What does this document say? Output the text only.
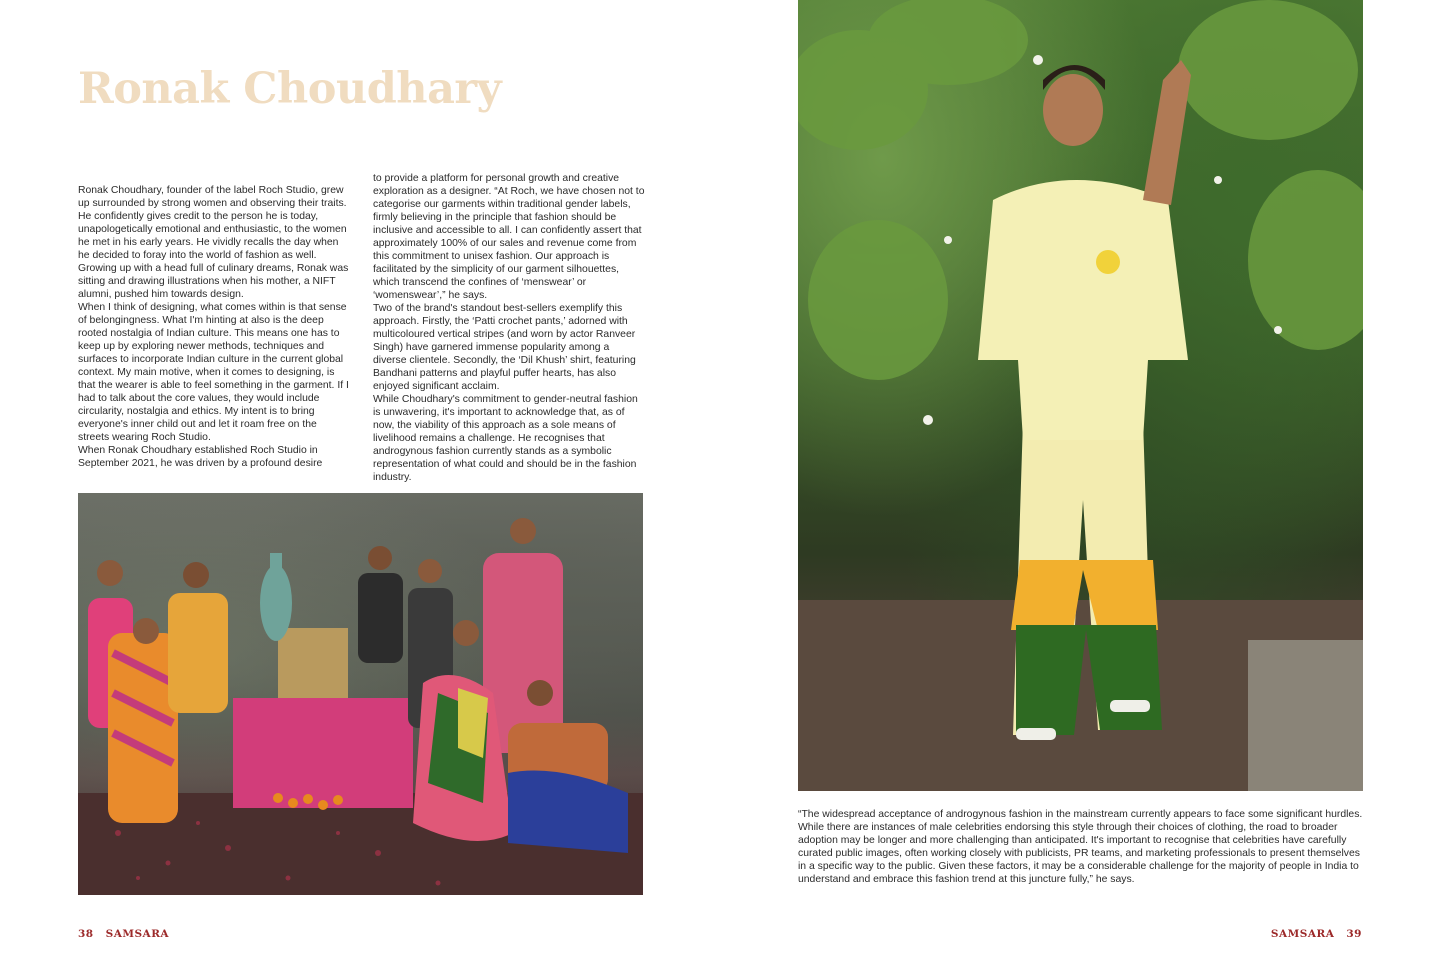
Ronak Choudhary

Ronak Choudhary, founder of the label Roch Studio, grew up surrounded by strong women and observing their traits. He confidently gives credit to the person he is today, unapologetically emotional and enthusiastic, to the women he met in his early years. He vividly recalls the day when he decided to foray into the world of fashion as well. Growing up with a head full of culinary dreams, Ronak was sitting and drawing illustrations when his mother, a NIFT alumni, pushed him towards design.

When I think of designing, what comes within is that sense of belongingness. What I'm hinting at also is the deep rooted nostalgia of Indian culture. This means one has to keep up by exploring newer methods, techniques and surfaces to incorporate Indian culture in the current global context. My main motive, when it comes to designing, is that the wearer is able to feel something in the garment. If I had to talk about the core values, they would include circularity, nostalgia and ethics. My intent is to bring everyone's inner child out and let it roam free on the streets wearing Roch Studio.

When Ronak Choudhary established Roch Studio in September 2021, he was driven by a profound desire

to provide a platform for personal growth and creative exploration as a designer. “At Roch, we have chosen not to categorise our garments within traditional gender labels, firmly believing in the principle that fashion should be inclusive and accessible to all. I can confidently assert that approximately 100% of our sales and revenue come from this commitment to unisex fashion. Our approach is facilitated by the simplicity of our garment silhouettes, which transcend the confines of ‘menswear’ or ‘womenswear’,” he says.

Two of the brand's standout best-sellers exemplify this approach. Firstly, the ‘Patti crochet pants,’ adorned with multicoloured vertical stripes (and worn by actor Ranveer Singh) have garnered immense popularity among a diverse clientele. Secondly, the ‘Dil Khush’ shirt, featuring Bandhani patterns and playful puffer hearts, has also enjoyed significant acclaim.

While Choudhary's commitment to gender-neutral fashion is unwavering, it's important to acknowledge that, as of now, the viability of this approach as a sole means of livelihood remains a challenge. He recognises that androgynous fashion currently stands as a symbolic representation of what could and should be in the fashion industry.

38 SAMSARA

“The widespread acceptance of androgynous fashion in the mainstream currently appears to face some significant hurdles. While there are instances of male celebrities endorsing this style through their choices of clothing, the road to broader adoption may be longer and more challenging than anticipated. It's important to recognise that celebrities have carefully curated public images, often working closely with publicists, PR teams, and marketing professionals to present themselves in a specific way to the public. Given these factors, it may be a considerable challenge for the majority of people in India to understand and embrace this fashion trend at this juncture fully,” he says.

SAMSARA 39
